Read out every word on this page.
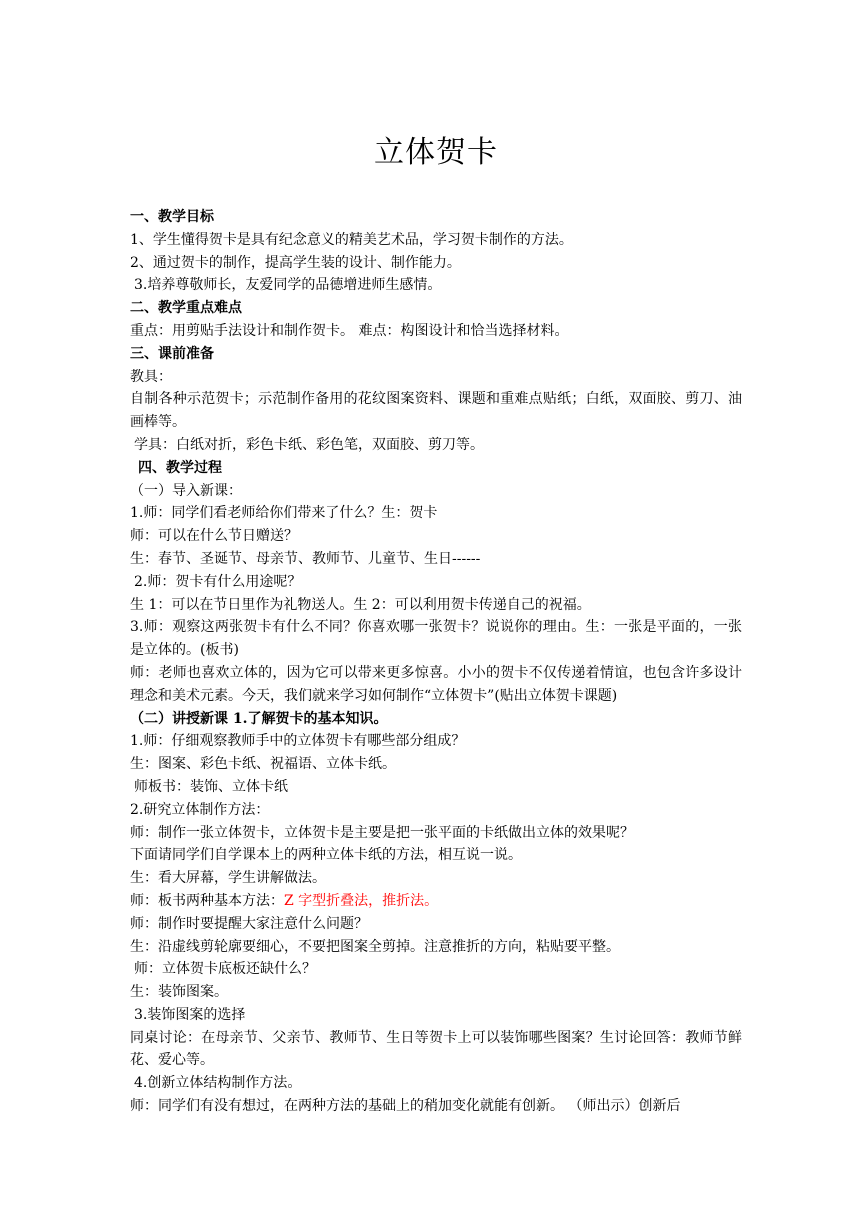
立体贺卡
一、教学目标
1、学生懂得贺卡是具有纪念意义的精美艺术品，学习贺卡制作的方法。
2、通过贺卡的制作，提高学生装的设计、制作能力。
3.培养尊敬师长，友爱同学的品德增进师生感情。
二、教学重点难点
重点：用剪贴手法设计和制作贺卡。 难点：构图设计和恰当选择材料。
三、课前准备
教具：
自制各种示范贺卡；示范制作备用的花纹图案资料、课题和重难点贴纸；白纸，双面胶、剪刀、油画棒等。
学具：白纸对折，彩色卡纸、彩色笔，双面胶、剪刀等。
四、教学过程
（一）导入新课：
1.师：同学们看老师给你们带来了什么？生：贺卡
师：可以在什么节日赠送？
生：春节、圣诞节、母亲节、教师节、儿童节、生日------
2.师：贺卡有什么用途呢？
生 1：可以在节日里作为礼物送人。生 2：可以利用贺卡传递自己的祝福。
3.师：观察这两张贺卡有什么不同？你喜欢哪一张贺卡？说说你的理由。生：一张是平面的，一张是立体的。(板书)
师：老师也喜欢立体的，因为它可以带来更多惊喜。小小的贺卡不仅传递着情谊，也包含许多设计理念和美术元素。今天，我们就来学习如何制作“立体贺卡”(贴出立体贺卡课题)
（二）讲授新课 1.了解贺卡的基本知识。
1.师：仔细观察教师手中的立体贺卡有哪些部分组成？
生：图案、彩色卡纸、祝福语、立体卡纸。
师板书：装饰、立体卡纸
2.研究立体制作方法：
师：制作一张立体贺卡，立体贺卡是主要是把一张平面的卡纸做出立体的效果呢？
下面请同学们自学课本上的两种立体卡纸的方法，相互说一说。
生：看大屏幕，学生讲解做法。
师：板书两种基本方法：Z 字型折叠法，推折法。
师：制作时要提醒大家注意什么问题？
生：沿虚线剪轮廓要细心，不要把图案全剪掉。注意推折的方向，粘贴要平整。
师：立体贺卡底板还缺什么？
生：装饰图案。
3.装饰图案的选择
同桌讨论：在母亲节、父亲节、教师节、生日等贺卡上可以装饰哪些图案？生讨论回答：教师节鲜花、爱心等。
4.创新立体结构制作方法。
师：同学们有没有想过，在两种方法的基础上的稍加变化就能有创新。 （师出示）创新后
